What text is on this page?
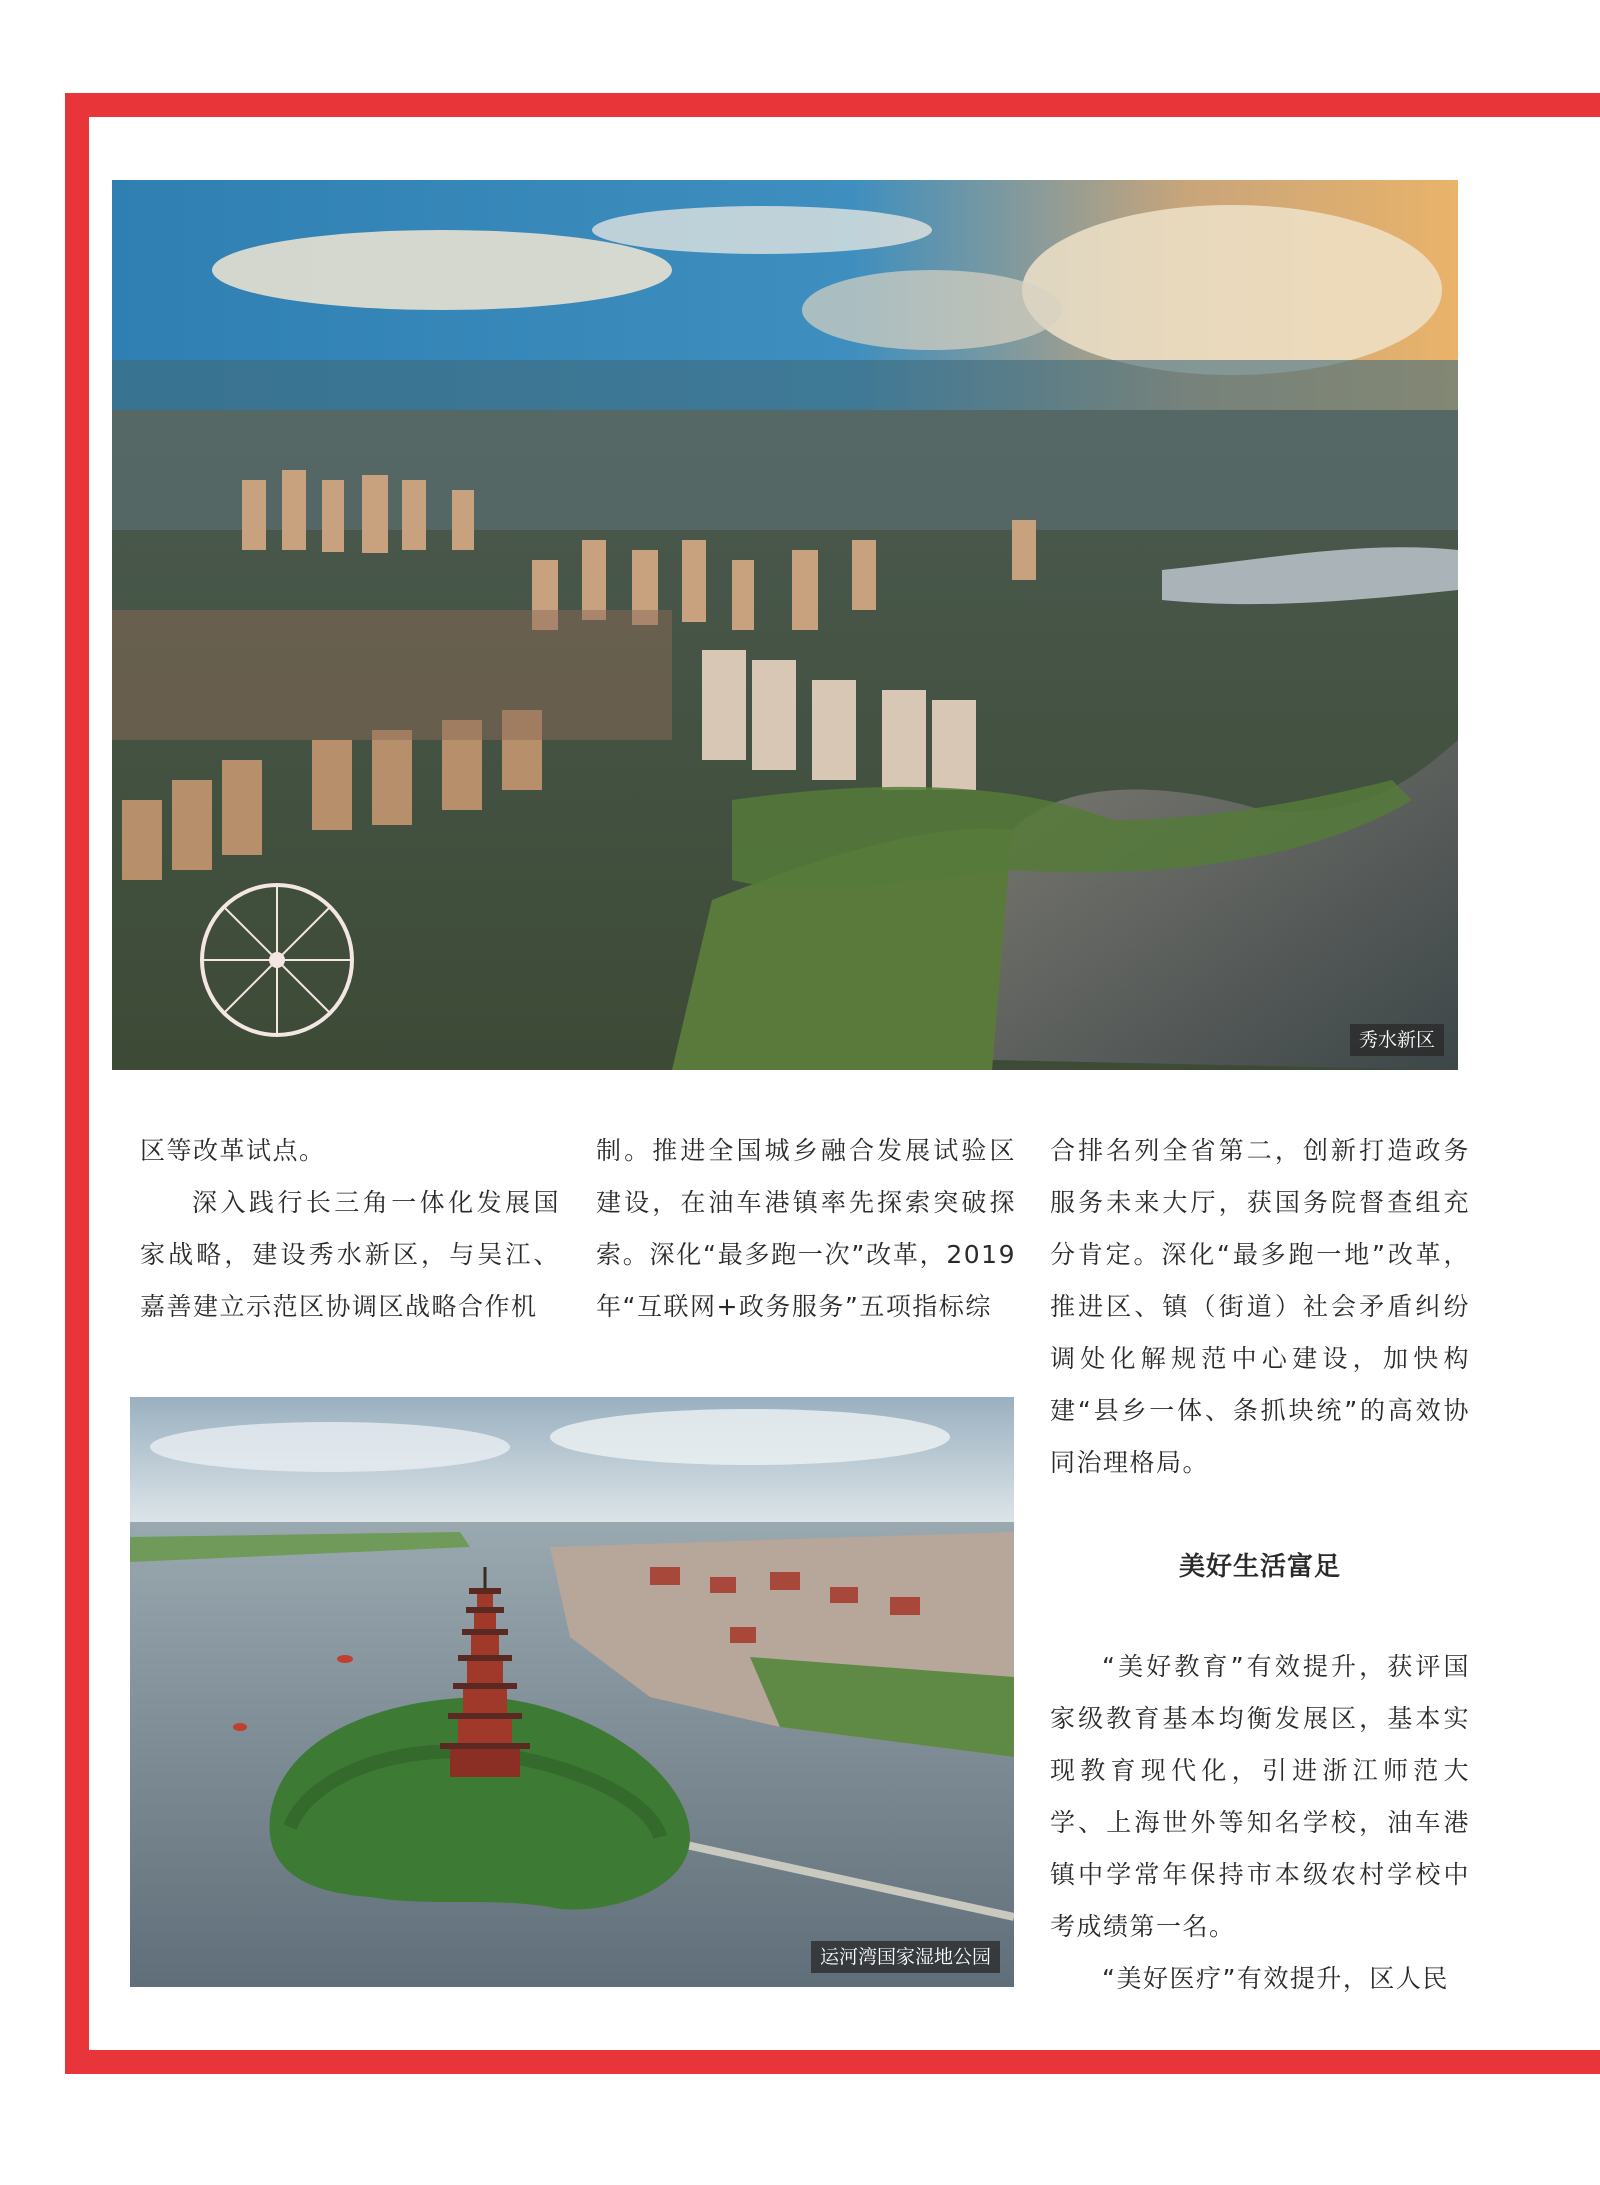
秀水新区

区等改革试点。

深入践行长三角一体化发展国家战略，建设秀水新区，与吴江、嘉善建立示范区协调区战略合作机

制。推进全国城乡融合发展试验区建设，在油车港镇率先探索突破探索。深化“最多跑一次”改革，2019年“互联网+政务服务”五项指标综

合排名列全省第二，创新打造政务服务未来大厅，获国务院督查组充分肯定。深化“最多跑一地”改革，推进区、镇（街道）社会矛盾纠纷调处化解规范中心建设，加快构建“县乡一体、条抓块统”的高效协同治理格局。

美好生活富足

“美好教育”有效提升，获评国家级教育基本均衡发展区，基本实现教育现代化，引进浙江师范大学、上海世外等知名学校，油车港镇中学常年保持市本级农村学校中考成绩第一名。

“美好医疗”有效提升，区人民

运河湾国家湿地公园
